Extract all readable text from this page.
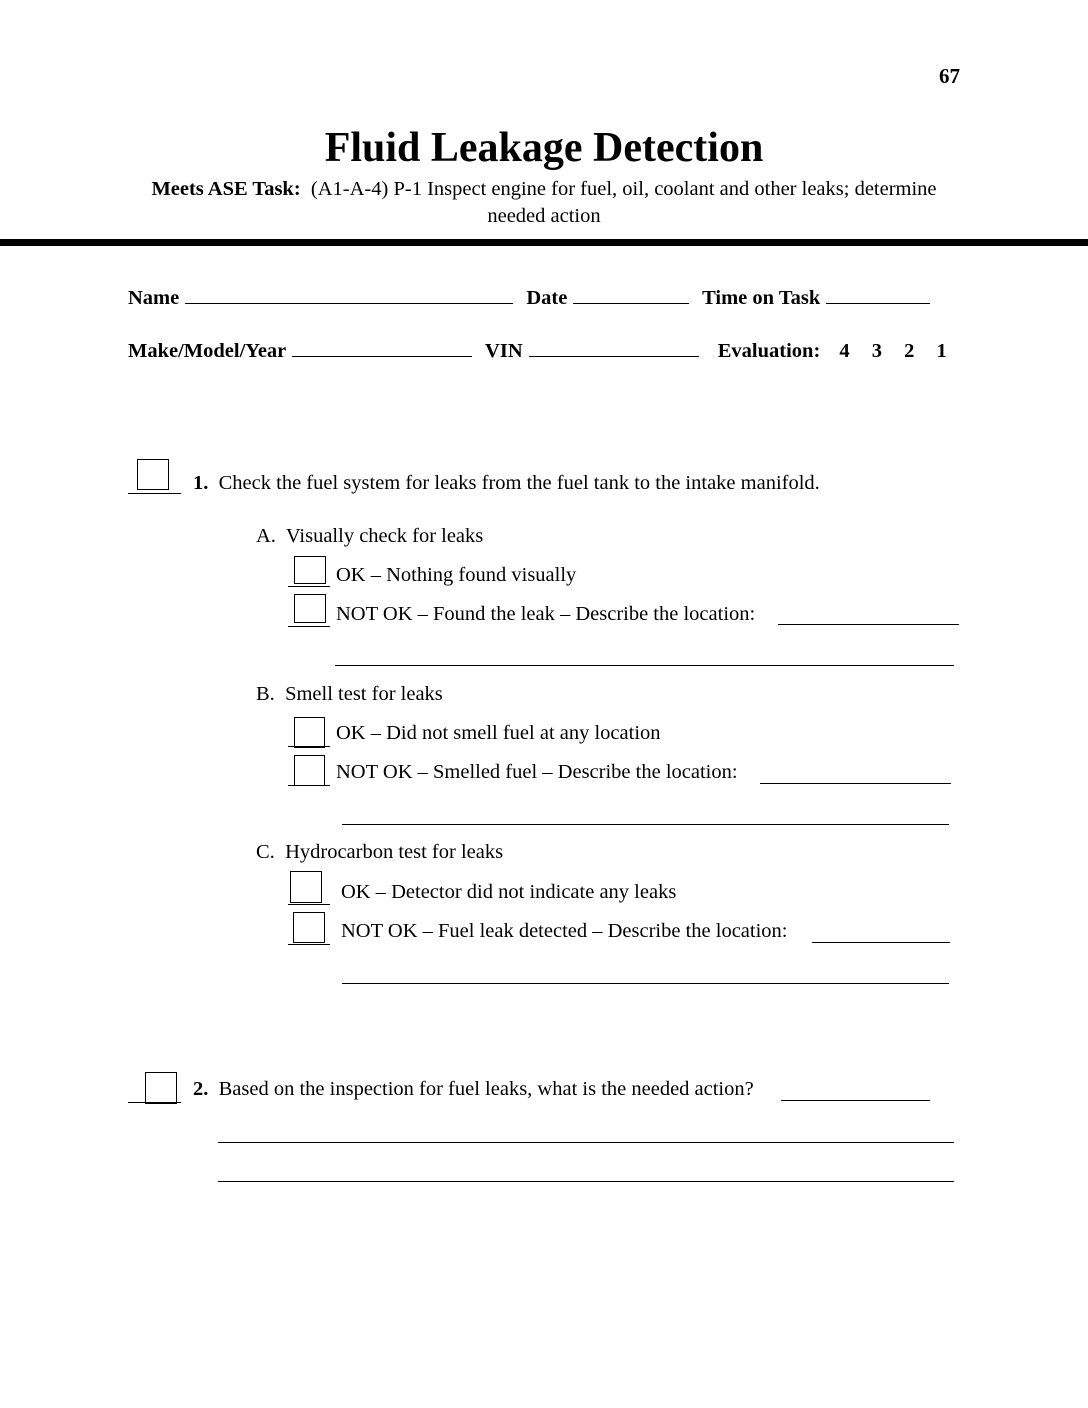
67
Fluid Leakage Detection
Meets ASE Task: (A1-A-4) P-1 Inspect engine for fuel, oil, coolant and other leaks; determine needed action
Name	Date	Time on Task
Make/Model/Year	VIN	Evaluation: 4 3 2 1
1. Check the fuel system for leaks from the fuel tank to the intake manifold.
A. Visually check for leaks
OK – Nothing found visually
NOT OK – Found the leak – Describe the location:
B. Smell test for leaks
OK – Did not smell fuel at any location
NOT OK – Smelled fuel – Describe the location:
C. Hydrocarbon test for leaks
OK – Detector did not indicate any leaks
NOT OK – Fuel leak detected – Describe the location:
2. Based on the inspection for fuel leaks, what is the needed action?
